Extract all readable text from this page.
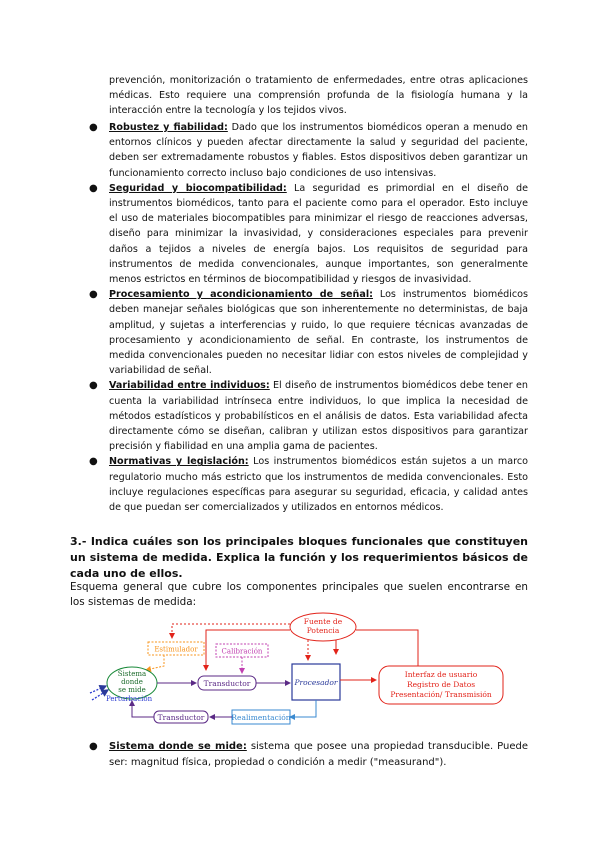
prevención, monitorización o tratamiento de enfermedades, entre otras aplicaciones médicas. Esto requiere una comprensión profunda de la fisiología humana y la interacción entre la tecnología y los tejidos vivos.
● Robustez y fiabilidad: Dado que los instrumentos biomédicos operan a menudo en entornos clínicos y pueden afectar directamente la salud y seguridad del paciente, deben ser extremadamente robustos y fiables. Estos dispositivos deben garantizar un funcionamiento correcto incluso bajo condiciones de uso intensivas.
● Seguridad y biocompatibilidad: La seguridad es primordial en el diseño de instrumentos biomédicos, tanto para el paciente como para el operador. Esto incluye el uso de materiales biocompatibles para minimizar el riesgo de reacciones adversas, diseño para minimizar la invasividad, y consideraciones especiales para prevenir daños a tejidos a niveles de energía bajos. Los requisitos de seguridad para instrumentos de medida convencionales, aunque importantes, son generalmente menos estrictos en términos de biocompatibilidad y riesgos de invasividad.
● Procesamiento y acondicionamiento de señal: Los instrumentos biomédicos deben manejar señales biológicas que son inherentemente no deterministas, de baja amplitud, y sujetas a interferencias y ruido, lo que requiere técnicas avanzadas de procesamiento y acondicionamiento de señal. En contraste, los instrumentos de medida convencionales pueden no necesitar lidiar con estos niveles de complejidad y variabilidad de señal.
● Variabilidad entre individuos: El diseño de instrumentos biomédicos debe tener en cuenta la variabilidad intrínseca entre individuos, lo que implica la necesidad de métodos estadísticos y probabilísticos en el análisis de datos. Esta variabilidad afecta directamente cómo se diseñan, calibran y utilizan estos dispositivos para garantizar precisión y fiabilidad en una amplia gama de pacientes.
● Normativas y legislación: Los instrumentos biomédicos están sujetos a un marco regulatorio mucho más estricto que los instrumentos de medida convencionales. Esto incluye regulaciones específicas para asegurar su seguridad, eficacia, y calidad antes de que puedan ser comercializados y utilizados en entornos médicos.
3.- Indica cuáles son los principales bloques funcionales que constituyen un sistema de medida. Explica la función y los requerimientos básicos de cada uno de ellos.
Esquema general que cubre los componentes principales que suelen encontrarse en los sistemas de medida:
Fuente de
Potencia
Estimulador	Calibración
Sistema
donde
se mide
Perturbación
Transductor	Procesador
Interfaz de usuario
Registro de Datos
Presentación/ Transmisión
Realimentación
Transductor
● Sistema donde se mide: sistema que posee una propiedad transducible. Puede ser: magnitud física, propiedad o condición a medir ("measurand").
